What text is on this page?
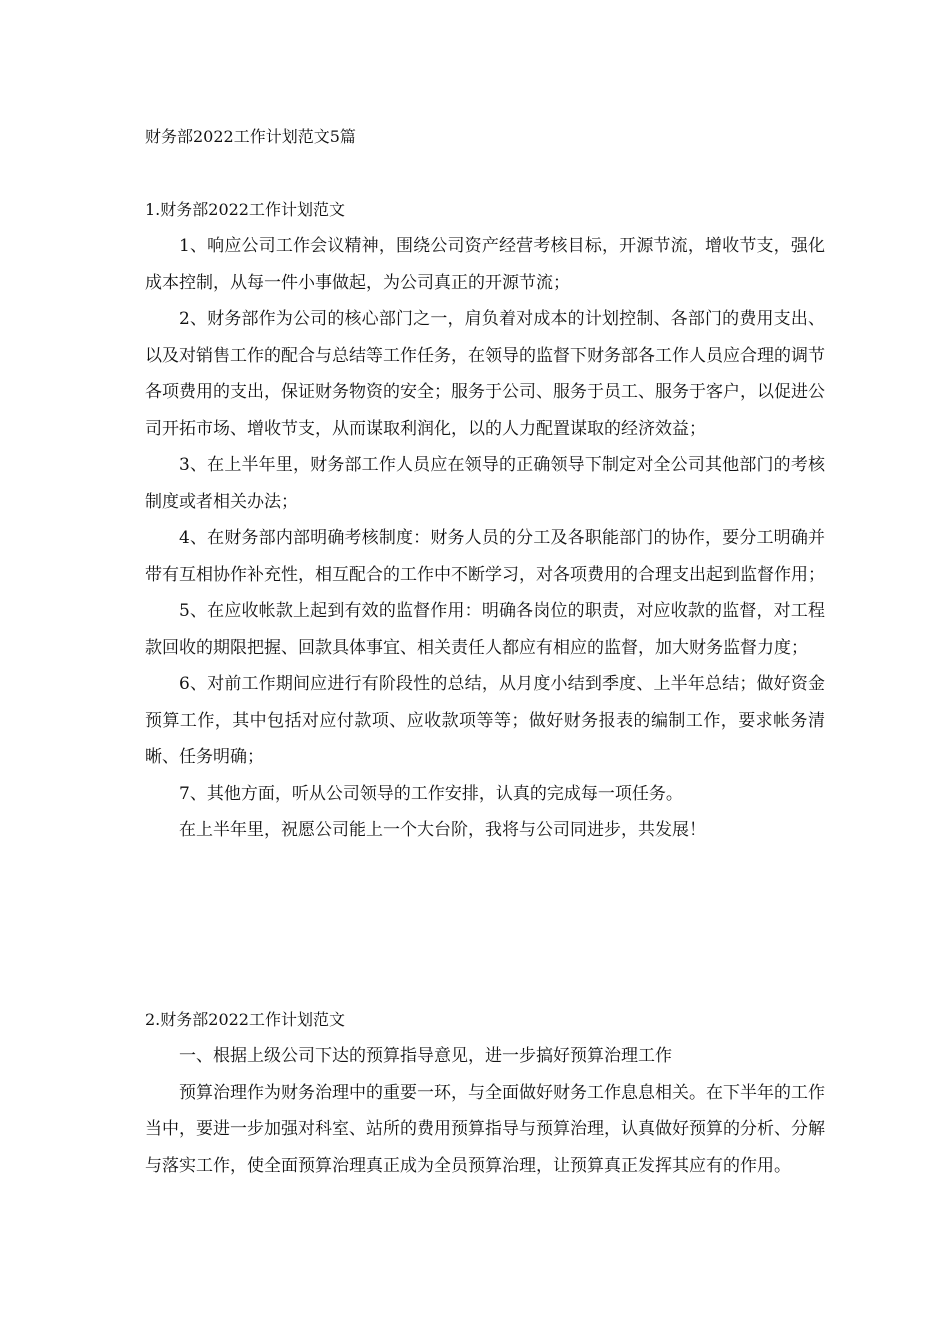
财务部2022工作计划范文5篇
1.财务部2022工作计划范文

1、响应公司工作会议精神，围绕公司资产经营考核目标，开源节流，增收节支，强化成本控制，从每一件小事做起，为公司真正的开源节流；

2、财务部作为公司的核心部门之一，肩负着对成本的计划控制、各部门的费用支出、以及对销售工作的配合与总结等工作任务，在领导的监督下财务部各工作人员应合理的调节各项费用的支出，保证财务物资的安全；服务于公司、服务于员工、服务于客户，以促进公司开拓市场、增收节支，从而谋取利润化，以的人力配置谋取的经济效益；

3、在上半年里，财务部工作人员应在领导的正确领导下制定对全公司其他部门的考核制度或者相关办法；

4、在财务部内部明确考核制度：财务人员的分工及各职能部门的协作，要分工明确并带有互相协作补充性，相互配合的工作中不断学习，对各项费用的合理支出起到监督作用；

5、在应收帐款上起到有效的监督作用：明确各岗位的职责，对应收款的监督，对工程款回收的期限把握、回款具体事宜、相关责任人都应有相应的监督，加大财务监督力度；

6、对前工作期间应进行有阶段性的总结，从月度小结到季度、上半年总结；做好资金预算工作，其中包括对应付款项、应收款项等等；做好财务报表的编制工作，要求帐务清晰、任务明确；

7、其他方面，听从公司领导的工作安排，认真的完成每一项任务。

在上半年里，祝愿公司能上一个大台阶，我将与公司同进步，共发展！

2.财务部2022工作计划范文

一、根据上级公司下达的预算指导意见，进一步搞好预算治理工作

预算治理作为财务治理中的重要一环，与全面做好财务工作息息相关。在下半年的工作当中，要进一步加强对科室、站所的费用预算指导与预算治理，认真做好预算的分析、分解与落实工作，使全面预算治理真正成为全员预算治理，让预算真正发挥其应有的作用。
